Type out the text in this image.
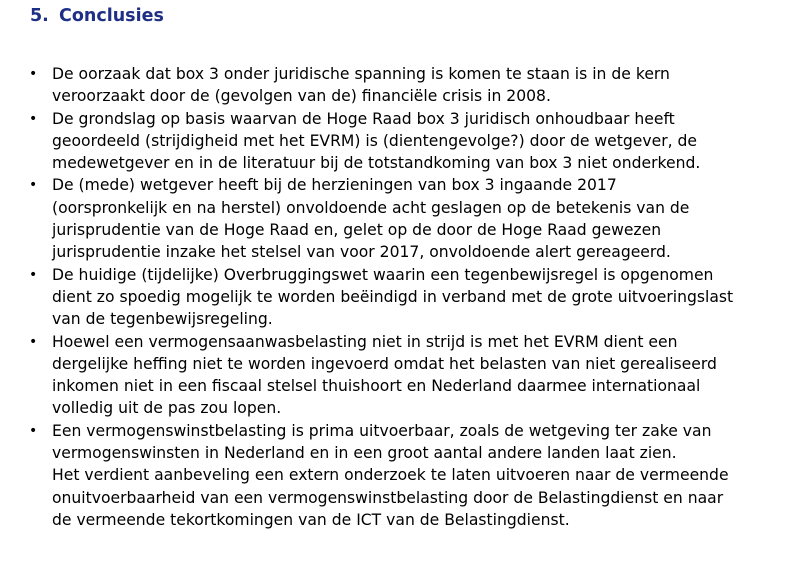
5. Conclusies
• De oorzaak dat box 3 onder juridische spanning is komen te staan is in de kern
veroorzaakt door de (gevolgen van de) financiële crisis in 2008.
• De grondslag op basis waarvan de Hoge Raad box 3 juridisch onhoudbaar heeft
geoordeeld (strijdigheid met het EVRM) is (dientengevolge?) door de wetgever, de
medewetgever en in de literatuur bij de totstandkoming van box 3 niet onderkend.
• De (mede) wetgever heeft bij de herzieningen van box 3 ingaande 2017
(oorspronkelijk en na herstel) onvoldoende acht geslagen op de betekenis van de
jurisprudentie van de Hoge Raad en, gelet op de door de Hoge Raad gewezen
jurisprudentie inzake het stelsel van voor 2017, onvoldoende alert gereageerd.
• De huidige (tijdelijke) Overbruggingswet waarin een tegenbewijsregel is opgenomen
dient zo spoedig mogelijk te worden beëindigd in verband met de grote uitvoeringslast
van de tegenbewijsregeling.
• Hoewel een vermogensaanwasbelasting niet in strijd is met het EVRM dient een
dergelijke heffing niet te worden ingevoerd omdat het belasten van niet gerealiseerd
inkomen niet in een fiscaal stelsel thuishoort en Nederland daarmee internationaal
volledig uit de pas zou lopen.
• Een vermogenswinstbelasting is prima uitvoerbaar, zoals de wetgeving ter zake van
vermogenswinsten in Nederland en in een groot aantal andere landen laat zien.
Het verdient aanbeveling een extern onderzoek te laten uitvoeren naar de vermeende
onuitvoerbaarheid van een vermogenswinstbelasting door de Belastingdienst en naar
de vermeende tekortkomingen van de ICT van de Belastingdienst.
